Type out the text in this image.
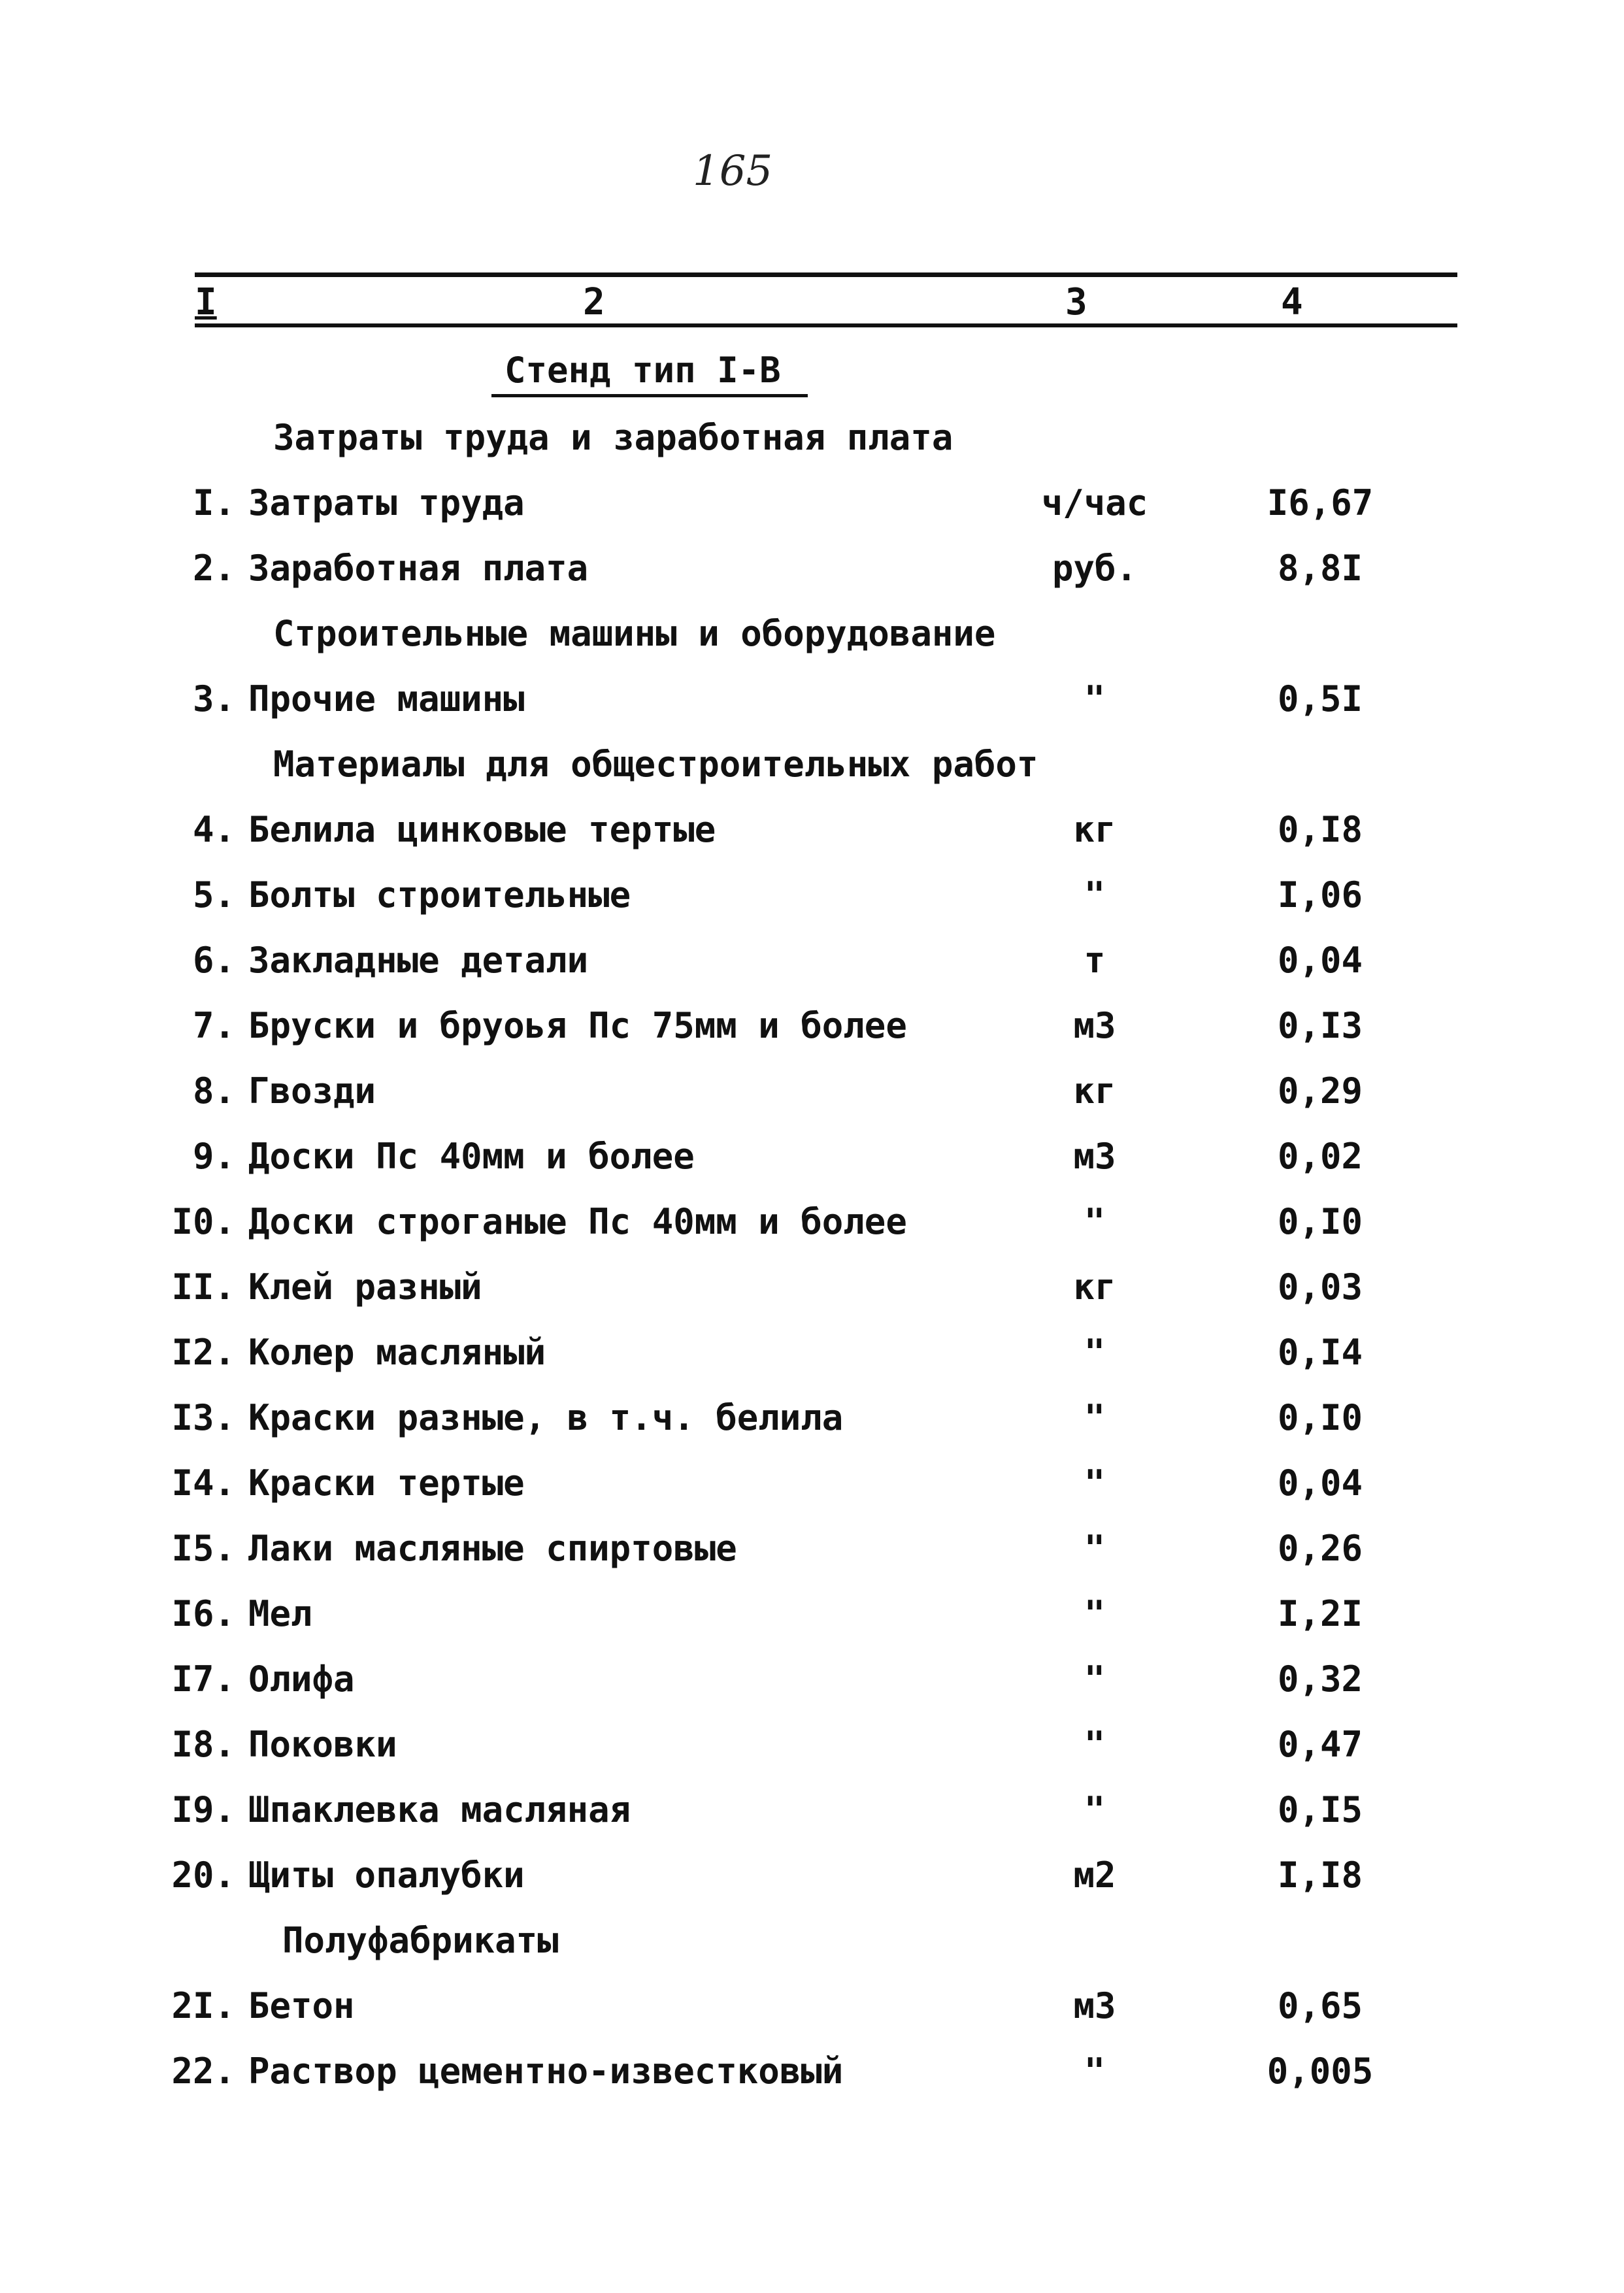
165
I	2	3	4
Стенд тип I-В
Затраты труда и заработная плата
I. Затраты труда	ч/час	I6,67
2. Заработная плата	руб.	8,8I
Строительные машины и оборудование
3. Прочие машины	"	0,5I
Материалы для общестроительных работ
4. Белила цинковые тертые	кг	0,I8
5. Болты строительные	"	I,06
6. Закладные детали	т	0,04
7. Бруски и бруоья Пс 75мм и более	м3	0,I3
8. Гвозди	кг	0,29
9. Доски Пс 40мм и более	м3	0,02
I0. Доски строганые Пс 40мм и более	"	0,I0
II. Клей разный	кг	0,03
I2. Колер масляный	"	0,I4
I3. Краски разные, в т.ч. белила	"	0,I0
I4. Краски тертые	"	0,04
I5. Лаки масляные спиртовые	"	0,26
I6. Мел	"	I,2I
I7. Олифа	"	0,32
I8. Поковки	"	0,47
I9. Шпаклевка масляная	"	0,I5
20. Щиты опалубки	м2	I,I8
Полуфабрикаты
2I. Бетон	м3	0,65
22. Раствор цементно-известковый	"	0,005
